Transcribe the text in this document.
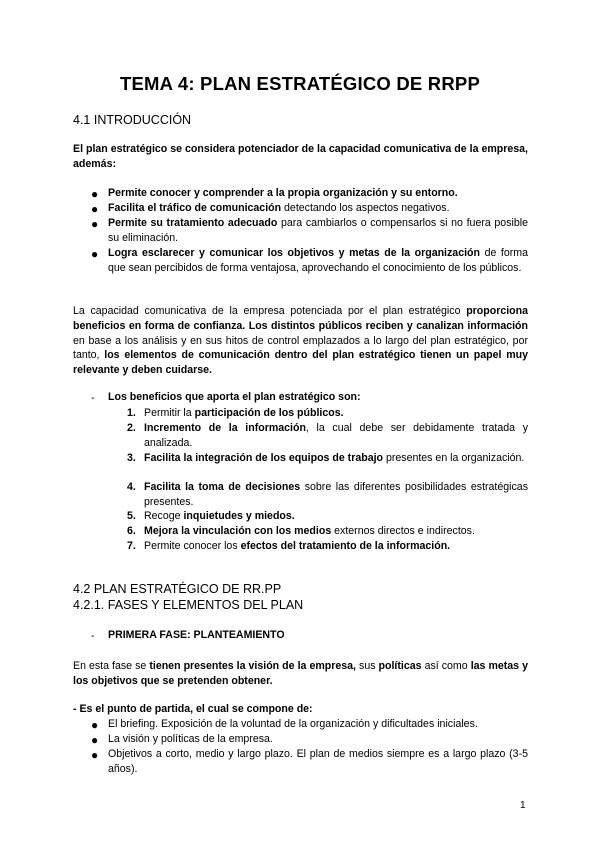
TEMA 4: PLAN ESTRATÉGICO DE RRPP
4.1 INTRODUCCIÓN

El plan estratégico se considera potenciador de la capacidad comunicativa de la empresa, además:

● Permite conocer y comprender a la propia organización y su entorno.

● Facilita el tráfico de comunicación detectando los aspectos negativos.

● Permite su tratamiento adecuado para cambiarlos o compensarlos si no fuera posible su eliminación.

● Logra esclarecer y comunicar los objetivos y metas de la organización de forma que sean percibidos de forma ventajosa, aprovechando el conocimiento de los públicos.

La capacidad comunicativa de la empresa potenciada por el plan estratégico proporciona beneficios en forma de confianza. Los distintos públicos reciben y canalizan información en base a los análisis y en sus hitos de control emplazados a lo largo del plan estratégico, por tanto, los elementos de comunicación dentro del plan estratégico tienen un papel muy relevante y deben cuidarse.

- Los beneficios que aporta el plan estratégico son:

1. Permitir la participación de los públicos.

2. Incremento de la información, la cual debe ser debidamente tratada y analizada.

3. Facilita la integración de los equipos de trabajo presentes en la organización.

4. Facilita la toma de decisiones sobre las diferentes posibilidades estratégicas presentes.

5. Recoge inquietudes y miedos.

6. Mejora la vinculación con los medios externos directos e indirectos.

7. Permite conocer los efectos del tratamiento de la información.

4.2 PLAN ESTRATÉGICO DE RR.PP
4.2.1. FASES Y ELEMENTOS DEL PLAN
- PRIMERA FASE: PLANTEAMIENTO

En esta fase se tienen presentes la visión de la empresa, sus políticas así como las metas y los objetivos que se pretenden obtener.

- Es el punto de partida, el cual se compone de:

● El briefing. Exposición de la voluntad de la organización y dificultades iniciales.

● La visión y políticas de la empresa.

● Objetivos a corto, medio y largo plazo. El plan de medios siempre es a largo plazo (3-5 años).

1
